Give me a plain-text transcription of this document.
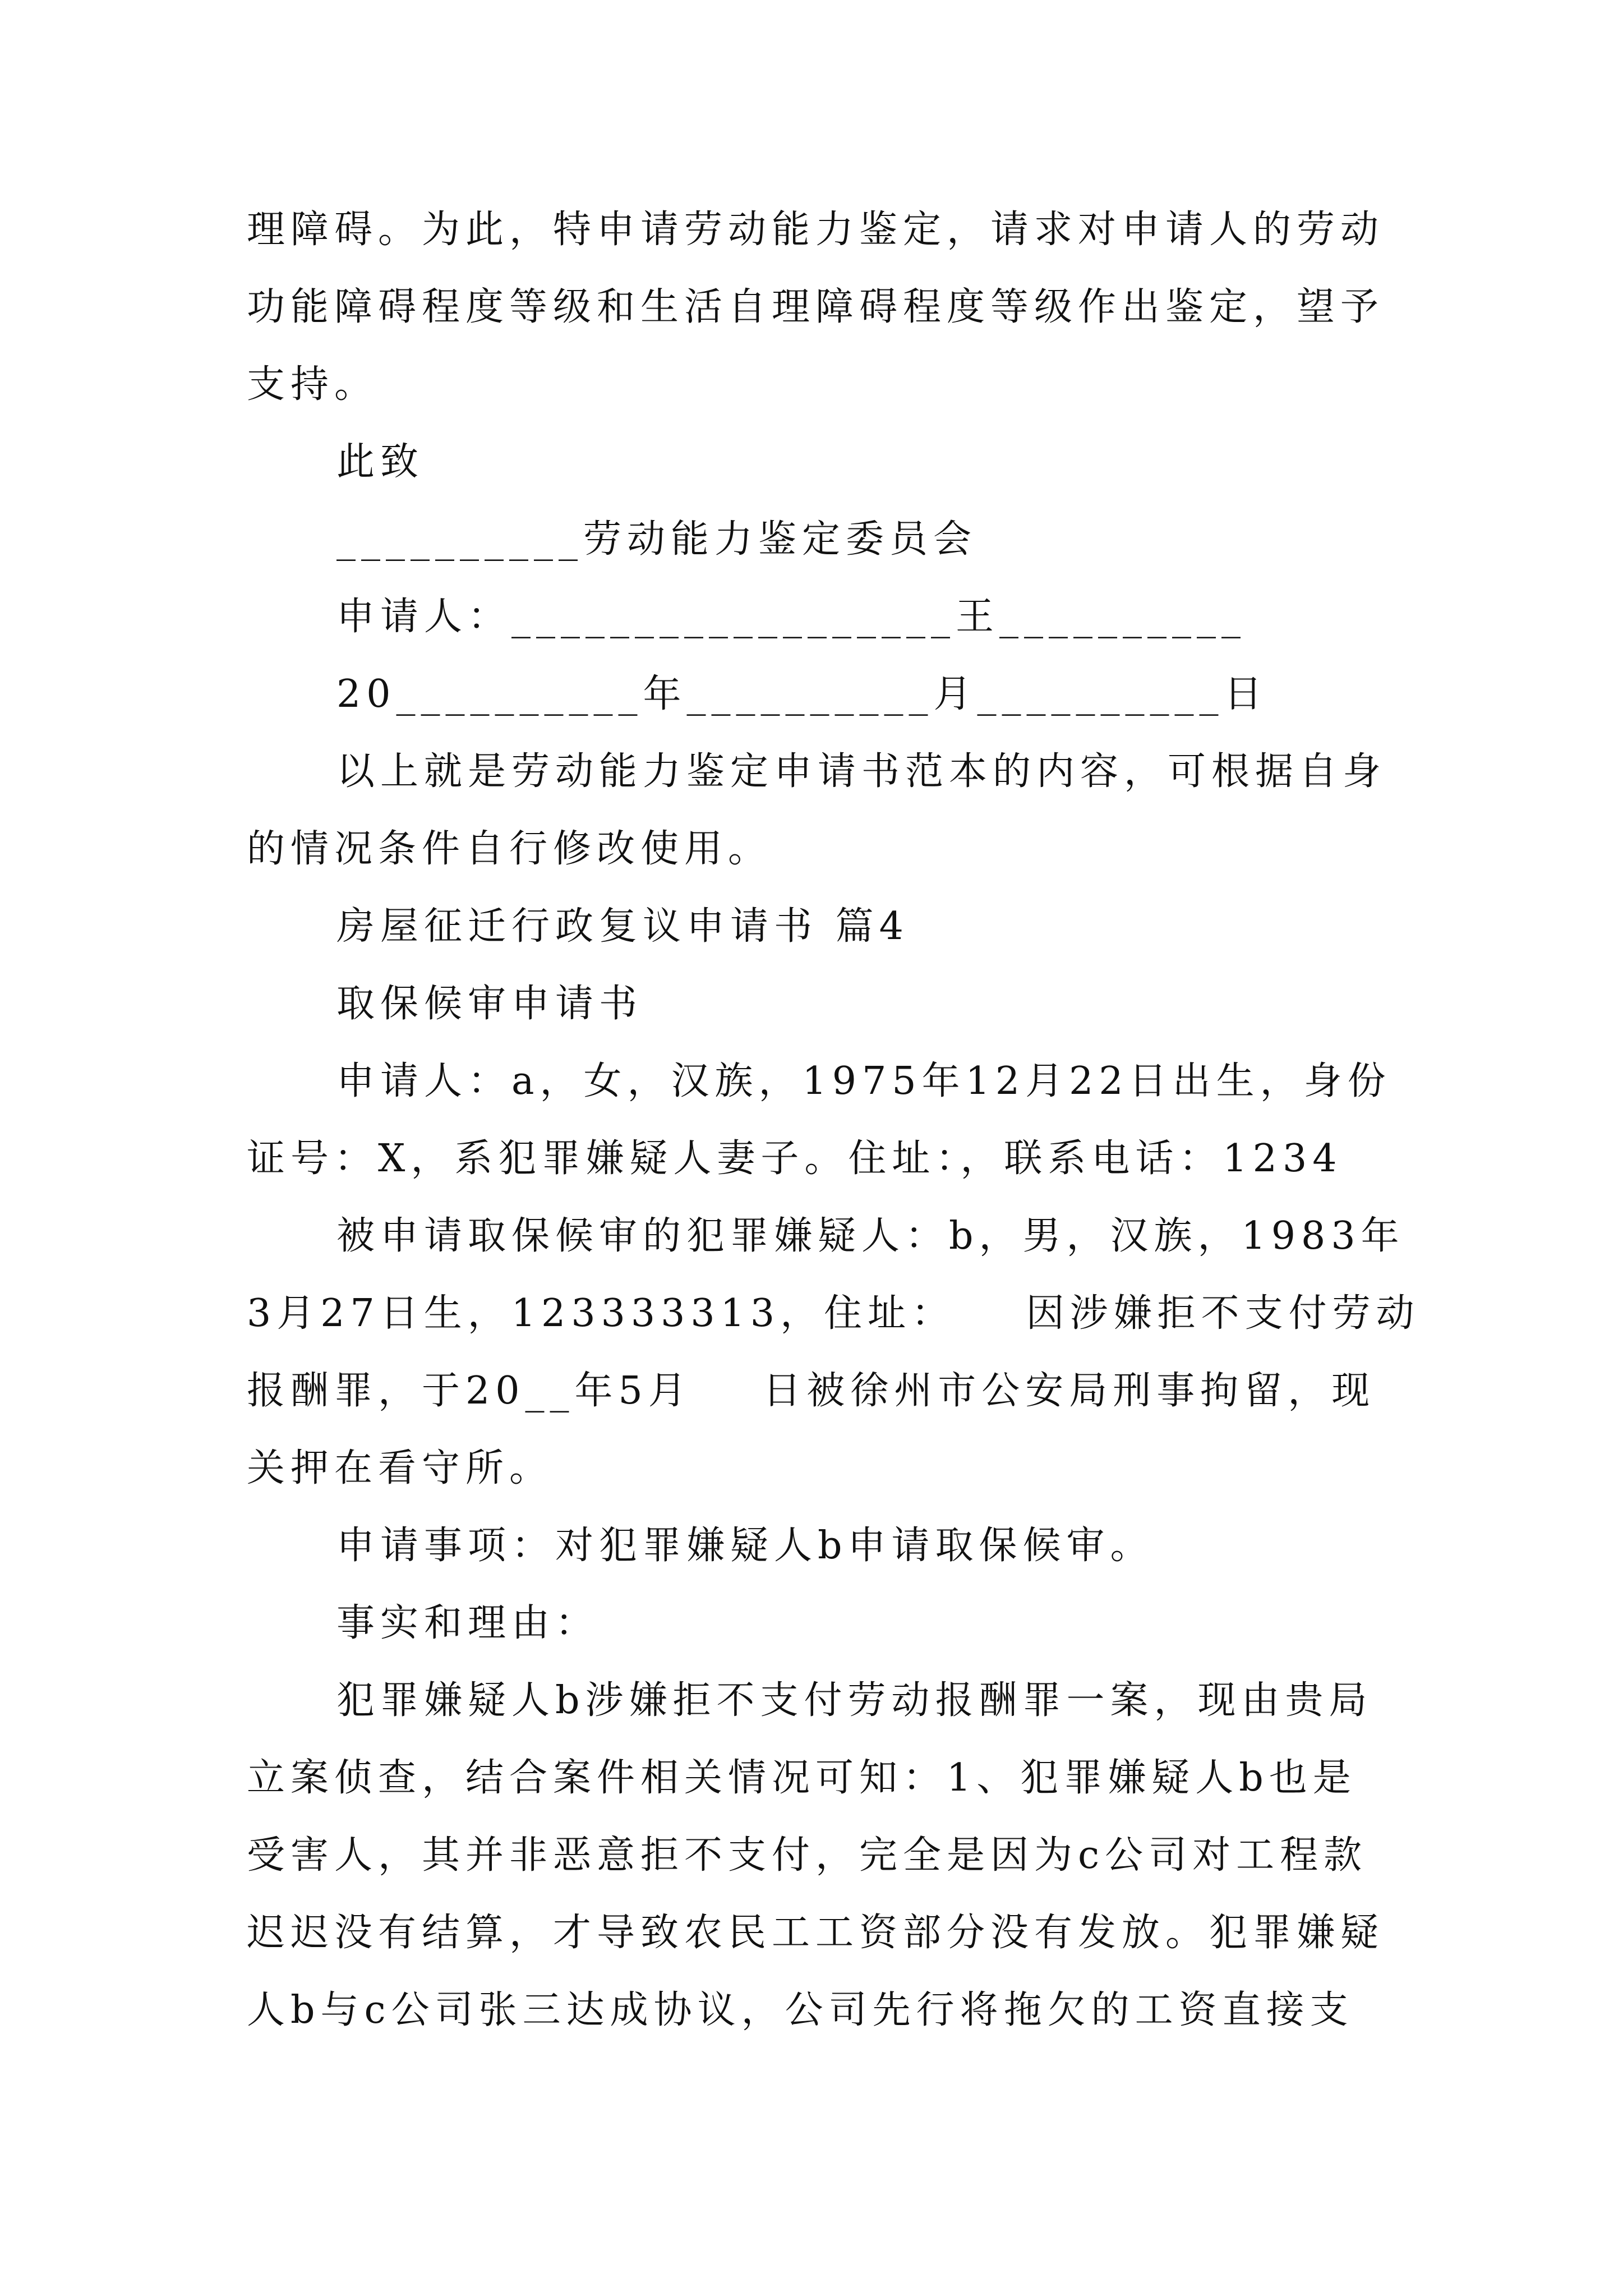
理障碍。为此，特申请劳动能力鉴定，请求对申请人的劳动
功能障碍程度等级和生活自理障碍程度等级作出鉴定，望予
支持。
此致
__________劳动能力鉴定委员会
申请人：__________________王__________
20__________年__________月__________日
以上就是劳动能力鉴定申请书范本的内容，可根据自身
的情况条件自行修改使用。
房屋征迁行政复议申请书 篇4
取保候审申请书
申请人：a，女，汉族，1975年12月22日出生，身份
证号：X，系犯罪嫌疑人妻子。住址：，联系电话：1234
被申请取保候审的犯罪嫌疑人：b，男，汉族，1983年
3月27日生，123333313，住址：    因涉嫌拒不支付劳动
报酬罪，于20__年5月    日被徐州市公安局刑事拘留，现
关押在看守所。
申请事项：对犯罪嫌疑人b申请取保候审。
事实和理由：
犯罪嫌疑人b涉嫌拒不支付劳动报酬罪一案，现由贵局
立案侦查，结合案件相关情况可知：1、犯罪嫌疑人b也是
受害人，其并非恶意拒不支付，完全是因为c公司对工程款
迟迟没有结算，才导致农民工工资部分没有发放。犯罪嫌疑
人b与c公司张三达成协议，公司先行将拖欠的工资直接支
